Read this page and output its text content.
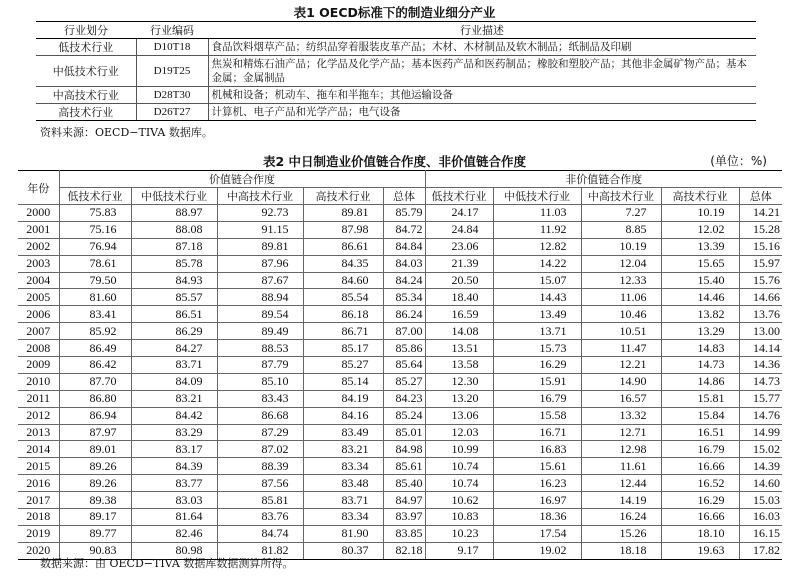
表1 OECD标准下的制造业细分产业
行业划分	行业编码	行业描述
低技术行业	D10T18	食品饮料烟草产品；纺织品穿着服装皮革产品；木材、木材制品及软木制品；纸制品及印刷
中低技术行业	D19T25	焦炭和精炼石油产品；化学品及化学产品；基本医药产品和医药制品；橡胶和塑胶产品；其他非金属矿物产品；基本金属；金属制品
中高技术行业	D28T30	机械和设备；机动车、拖车和半拖车；其他运输设备
高技术行业	D26T27	计算机、电子产品和光学产品；电气设备
资料来源：OECD−TIVA 数据库。
表2 中日制造业价值链合作度、非价值链合作度	(单位：%)
年份	价值链合作度					非价值链合作度				
	低技术行业	中低技术行业	中高技术行业	高技术行业	总体	低技术行业	中低技术行业	中高技术行业	高技术行业	总体
2000	75.83	88.97	92.73	89.81	85.79	24.17	11.03	7.27	10.19	14.21
2001	75.16	88.08	91.15	87.98	84.72	24.84	11.92	8.85	12.02	15.28
2002	76.94	87.18	89.81	86.61	84.84	23.06	12.82	10.19	13.39	15.16
2003	78.61	85.78	87.96	84.35	84.03	21.39	14.22	12.04	15.65	15.97
2004	79.50	84.93	87.67	84.60	84.24	20.50	15.07	12.33	15.40	15.76
2005	81.60	85.57	88.94	85.54	85.34	18.40	14.43	11.06	14.46	14.66
2006	83.41	86.51	89.54	86.18	86.24	16.59	13.49	10.46	13.82	13.76
2007	85.92	86.29	89.49	86.71	87.00	14.08	13.71	10.51	13.29	13.00
2008	86.49	84.27	88.53	85.17	85.86	13.51	15.73	11.47	14.83	14.14
2009	86.42	83.71	87.79	85.27	85.64	13.58	16.29	12.21	14.73	14.36
2010	87.70	84.09	85.10	85.14	85.27	12.30	15.91	14.90	14.86	14.73
2011	86.80	83.21	83.43	84.19	84.23	13.20	16.79	16.57	15.81	15.77
2012	86.94	84.42	86.68	84.16	85.24	13.06	15.58	13.32	15.84	14.76
2013	87.97	83.29	87.29	83.49	85.01	12.03	16.71	12.71	16.51	14.99
2014	89.01	83.17	87.02	83.21	84.98	10.99	16.83	12.98	16.79	15.02
2015	89.26	84.39	88.39	83.34	85.61	10.74	15.61	11.61	16.66	14.39
2016	89.26	83.77	87.56	83.48	85.40	10.74	16.23	12.44	16.52	14.60
2017	89.38	83.03	85.81	83.71	84.97	10.62	16.97	14.19	16.29	15.03
2018	89.17	81.64	83.76	83.34	83.97	10.83	18.36	16.24	16.66	16.03
2019	89.77	82.46	84.74	81.90	83.85	10.23	17.54	15.26	18.10	16.15
2020	90.83	80.98	81.82	80.37	82.18	9.17	19.02	18.18	19.63	17.82
数据来源：由 OECD−TIVA 数据库数据测算所得。
